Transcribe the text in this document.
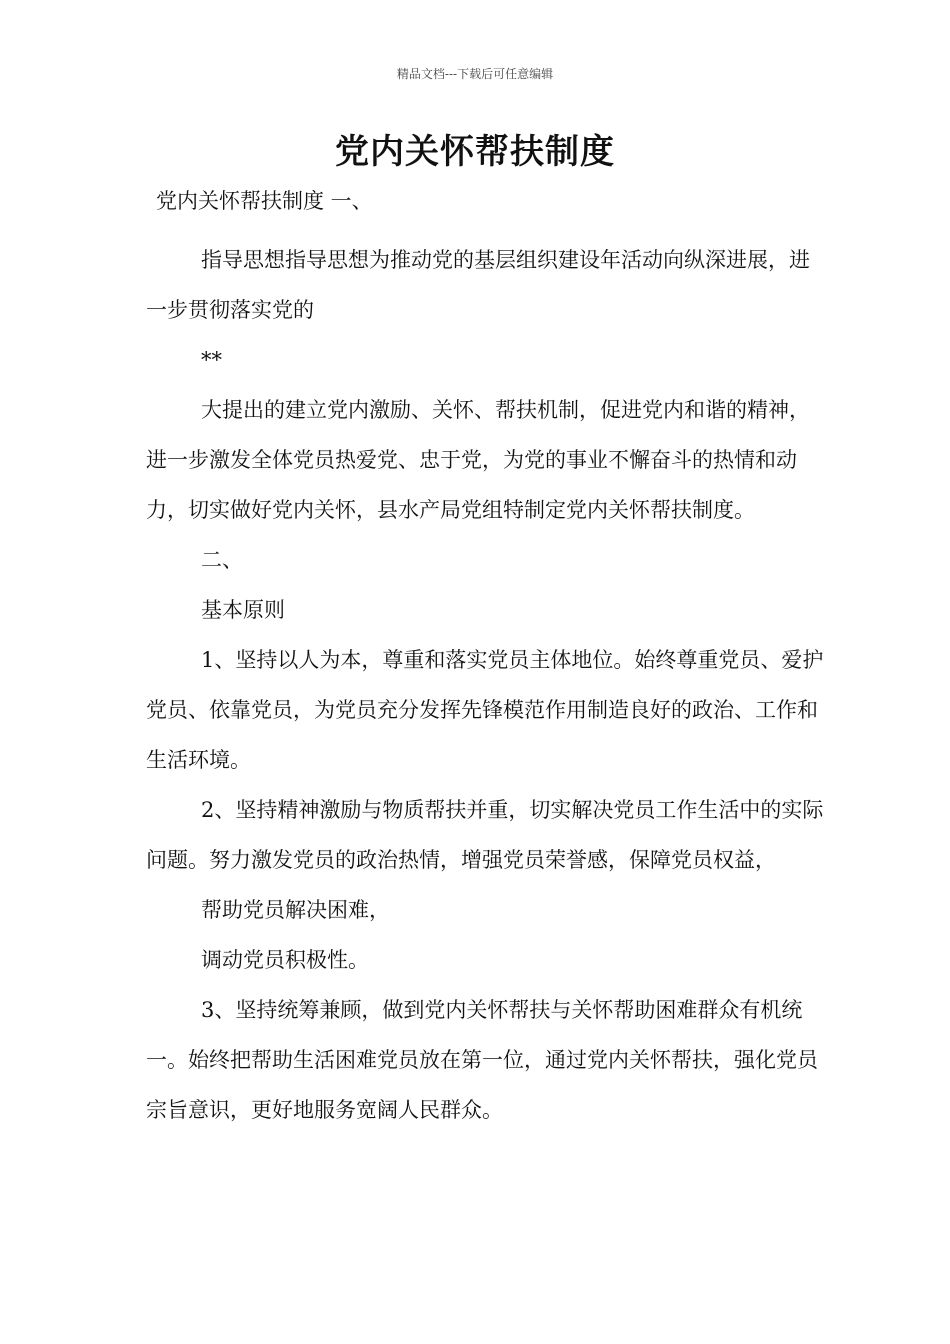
精品文档---下载后可任意编辑
党内关怀帮扶制度

党内关怀帮扶制度 一、

指导思想指导思想为推动党的基层组织建设年活动向纵深进展，进一步贯彻落实党的

**

大提出的建立党内激励、关怀、帮扶机制，促进党内和谐的精神，进一步激发全体党员热爱党、忠于党，为党的事业不懈奋斗的热情和动力，切实做好党内关怀，县水产局党组特制定党内关怀帮扶制度。

二、

基本原则

1、坚持以人为本，尊重和落实党员主体地位。始终尊重党员、爱护党员、依靠党员，为党员充分发挥先锋模范作用制造良好的政治、工作和生活环境。

2、坚持精神激励与物质帮扶并重，切实解决党员工作生活中的实际问题。努力激发党员的政治热情，增强党员荣誉感，保障党员权益，

帮助党员解决困难，

调动党员积极性。

3、坚持统筹兼顾，做到党内关怀帮扶与关怀帮助困难群众有机统一。始终把帮助生活困难党员放在第一位，通过党内关怀帮扶，强化党员宗旨意识，更好地服务宽阔人民群众。
